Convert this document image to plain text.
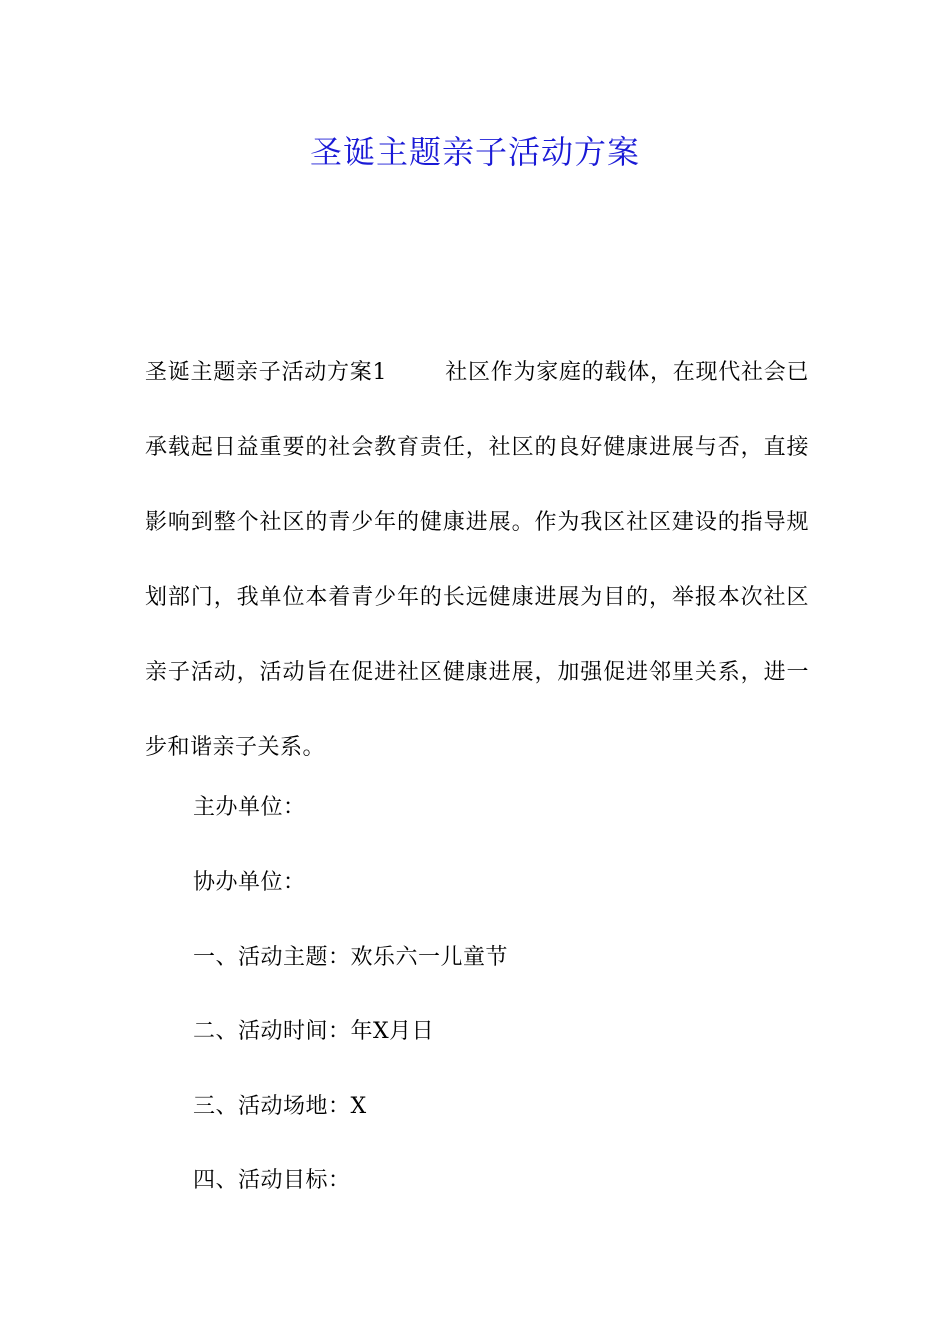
圣诞主题亲子活动方案

圣诞主题亲子活动方案1	社区作为家庭的载体，在现代社会已承载起日益重要的社会教育责任，社区的良好健康进展与否，直接影响到整个社区的青少年的健康进展。作为我区社区建设的指导规划部门，我单位本着青少年的长远健康进展为目的，举报本次社区亲子活动，活动旨在促进社区健康进展，加强促进邻里关系，进一步和谐亲子关系。

主办单位：

协办单位：

一、活动主题：欢乐六一儿童节

二、活动时间：年X月日

三、活动场地：X

四、活动目标：
